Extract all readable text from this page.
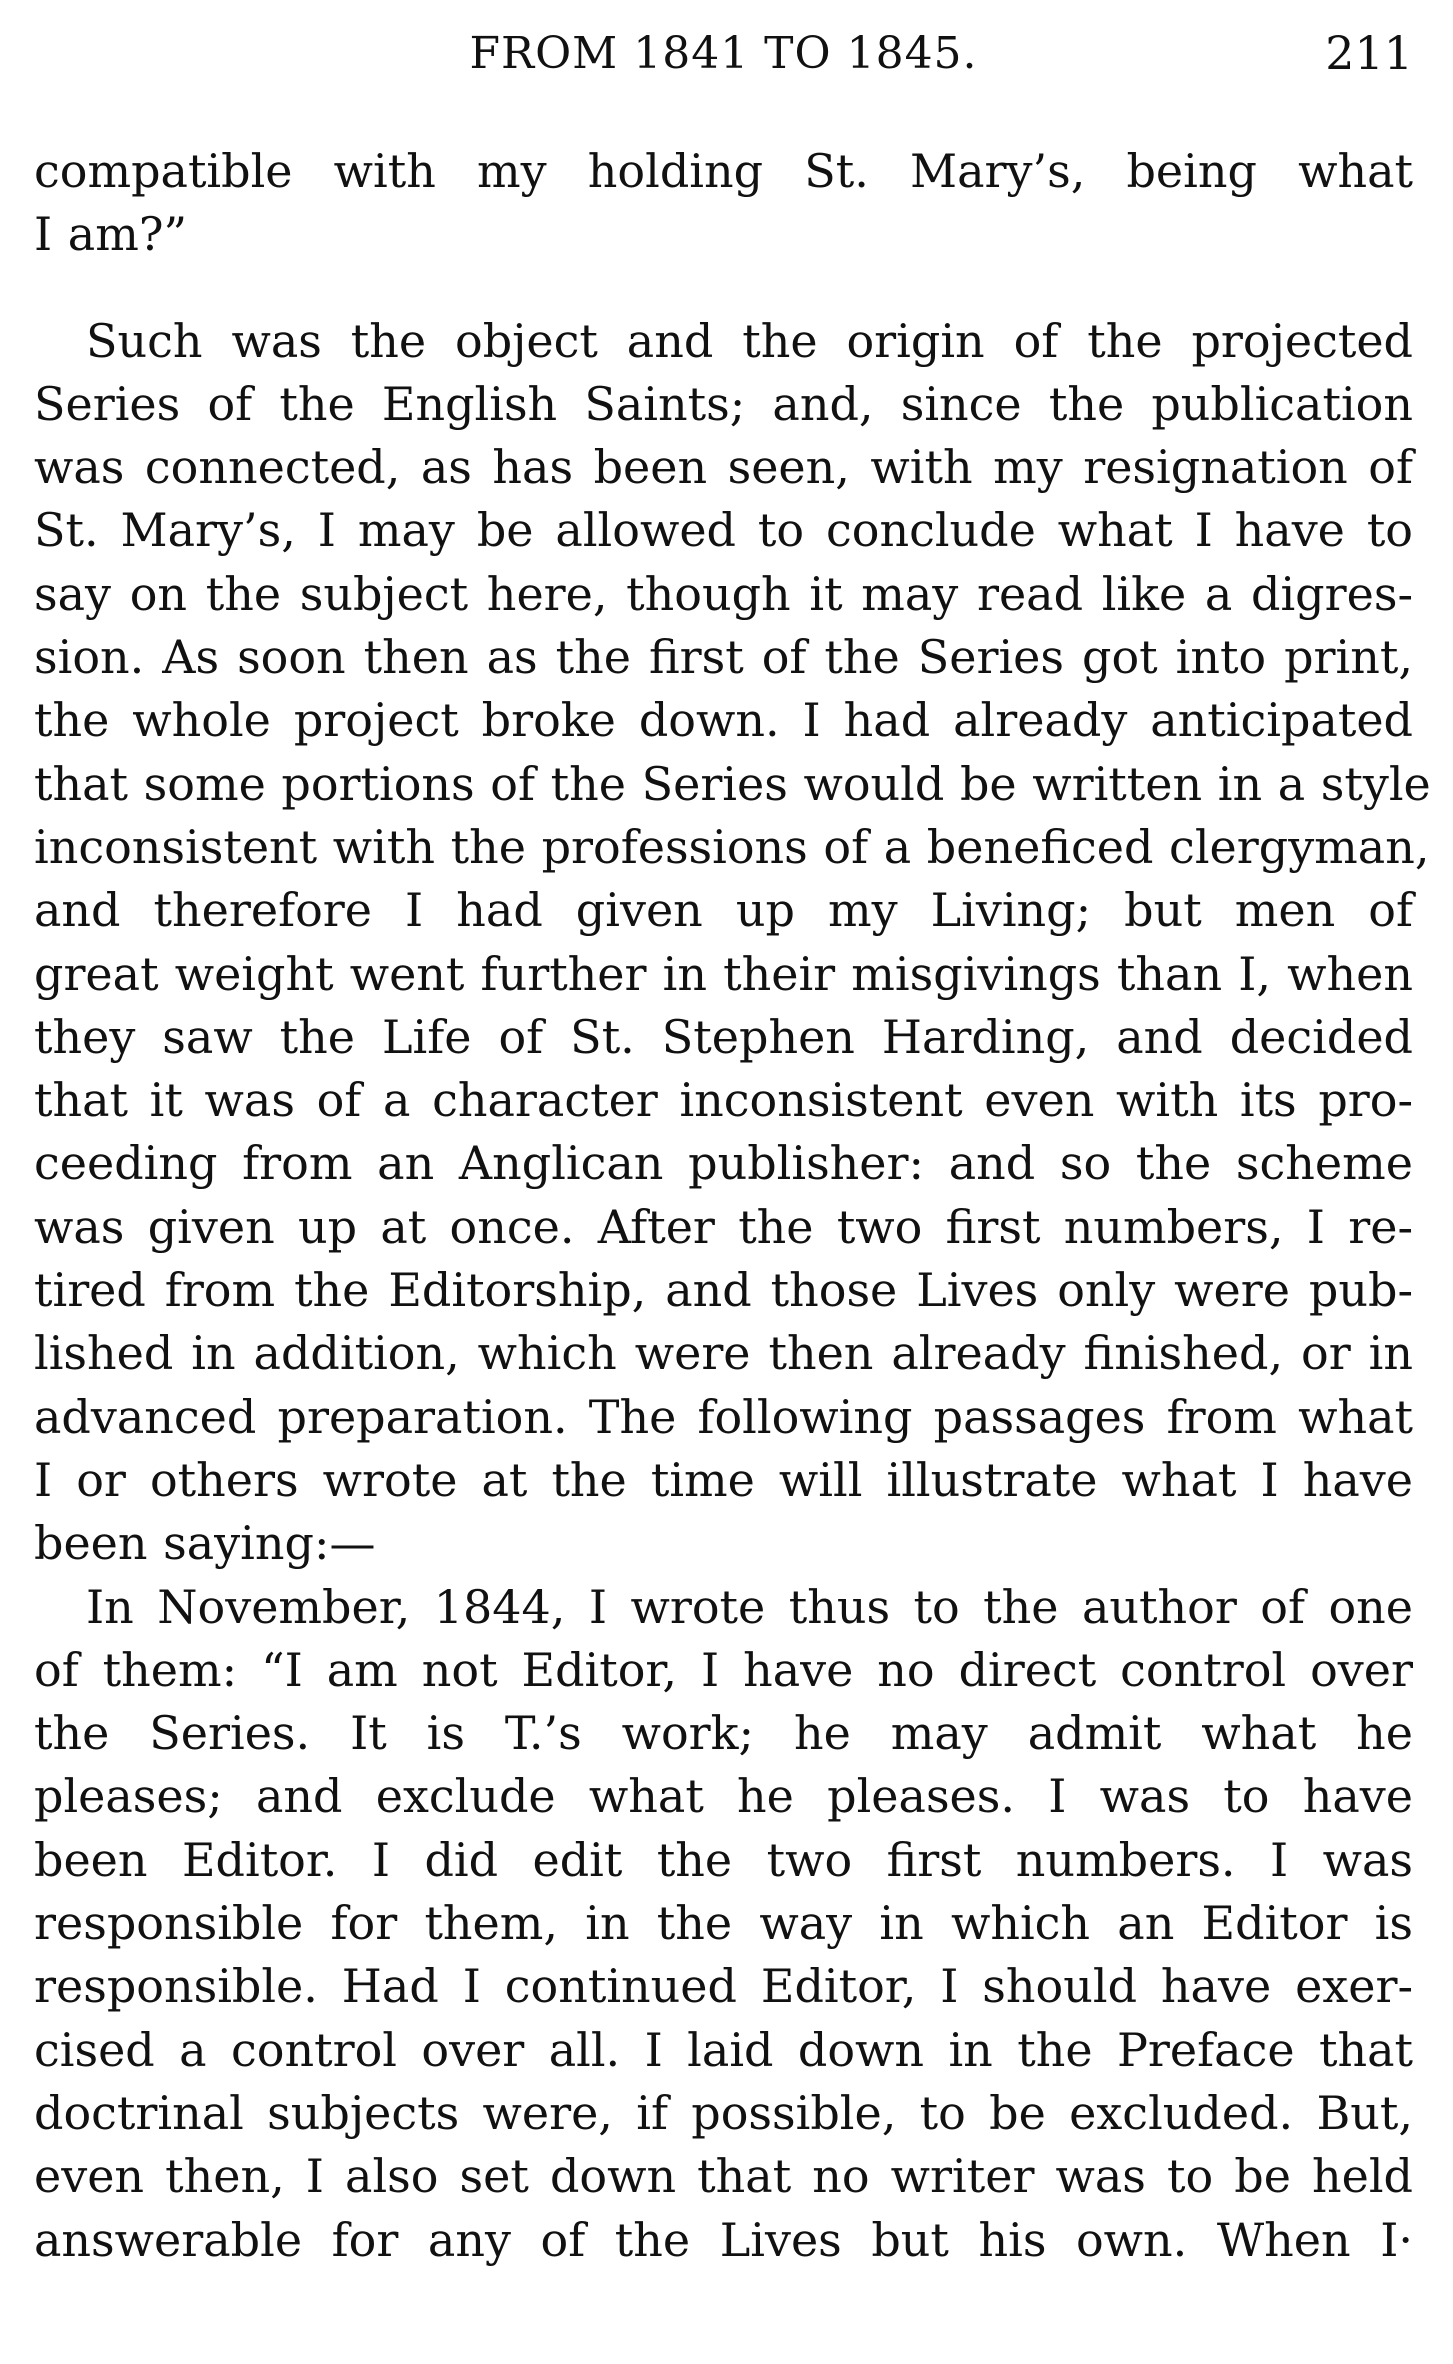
FROM 1841 TO 1845.	211
compatible with my holding St. Mary’s, being what
I am?”
Such was the object and the origin of the projected
Series of the English Saints; and, since the publication
was connected, as has been seen, with my resignation of
St. Mary’s, I may be allowed to conclude what I have to
say on the subject here, though it may read like a digres-
sion. As soon then as the first of the Series got into print,
the whole project broke down. I had already anticipated
that some portions of the Series would be written in a style
inconsistent with the professions of a beneficed clergyman,
and therefore I had given up my Living; but men of
great weight went further in their misgivings than I, when
they saw the Life of St. Stephen Harding, and decided
that it was of a character inconsistent even with its pro-
ceeding from an Anglican publisher: and so the scheme
was given up at once. After the two first numbers, I re-
tired from the Editorship, and those Lives only were pub-
lished in addition, which were then already finished, or in
advanced preparation. The following passages from what
I or others wrote at the time will illustrate what I have
been saying:—
In November, 1844, I wrote thus to the author of one
of them: “I am not Editor, I have no direct control over
the Series. It is T.’s work; he may admit what he
pleases; and exclude what he pleases. I was to have
been Editor. I did edit the two first numbers. I was
responsible for them, in the way in which an Editor is
responsible. Had I continued Editor, I should have exer-
cised a control over all. I laid down in the Preface that
doctrinal subjects were, if possible, to be excluded. But,
even then, I also set down that no writer was to be held
answerable for any of the Lives but his own. When I·
